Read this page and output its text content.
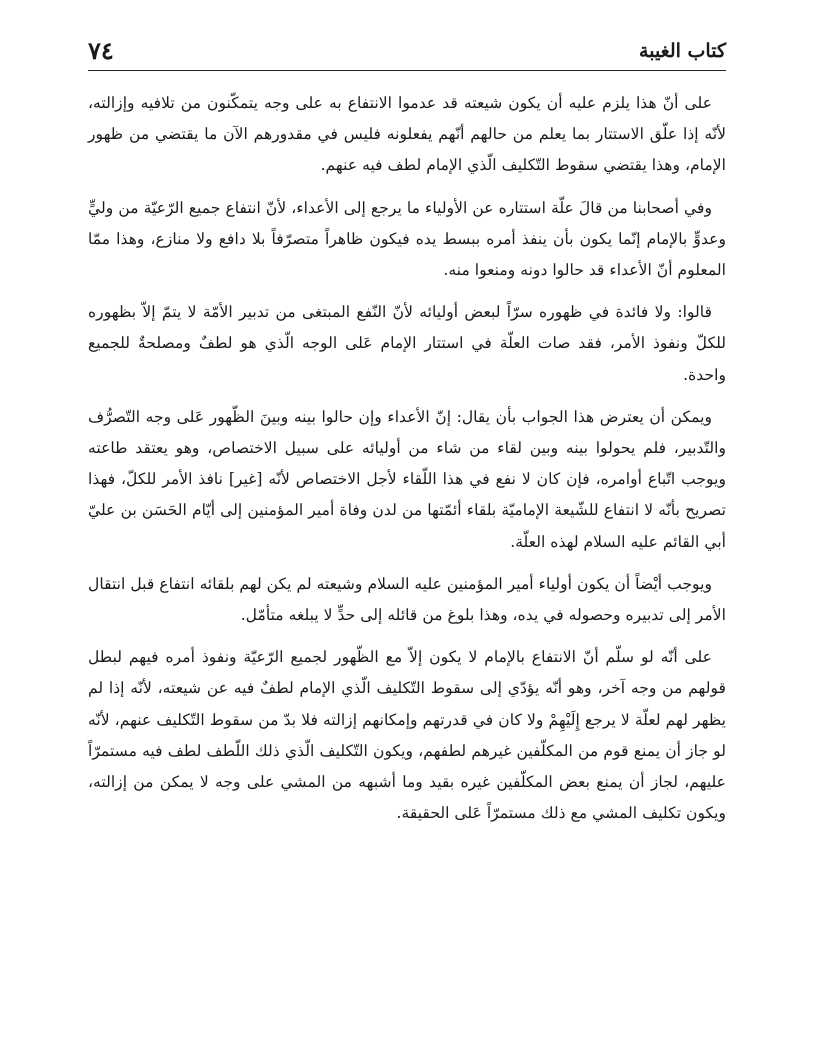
٧٤	كتاب الغيبة

على أنّ هذا يلزم عليه أن يكون شيعته قد عدموا الانتفاع به على وجه يتمكّنون من تلافيه وإزالته، لأنّه إذا علّق الاستتار بما يعلم من حالهم أنّهم يفعلونه فليس في مقدورهم الآن ما يقتضي من ظهور الإمام، وهذا يقتضي سقوط التّكليف الّذي الإمام لطف فيه عنهم.

وفي أصحابنا من قالَ علّة استتاره عن الأولياء ما يرجع إلى الأعداء، لأنّ انتفاع جميع الرّعيّة من وليٍّ وعدوٍّ بالإمام إنّما يكون بأن ينفذ أمره ببسط يده فيكون ظاهراً متصرّفاً بلا دافع ولا منازع، وهذا ممّا المعلوم أنّ الأعداء قد حالوا دونه ومنعوا منه.

قالوا: ولا فائدة في ظهوره سرّاً لبعض أوليائه لأنّ النّفع المبتغى من تدبير الأمّة لا يتمّ إلاّ بظهوره للكلّ ونفوذ الأمر، فقد صات العلّة في استتار الإمام عَلى الوجه الّذي هو لطفٌ ومصلحةٌ للجميع واحدة.

ويمكن أن يعترض هذا الجواب بأن يقال: إنّ الأعداء وإن حالوا بينه وبينَ الظّهور عَلى وجه التّصرُّف والتّدبير، فلم يحولوا بينه وبين لقاء من شاء من أوليائه على سبيل الاختصاص، وهو يعتقد طاعته ويوجب اتّباع أوامره، فإن كان لا نفع في هذا اللّقاء لأجل الاختصاص لأنّه [غير] نافذ الأمر للكلّ، فهذا تصريح بأنّه لا انتفاع للشّيعة الإماميّة بلقاء أئمّتها من لدن وفاة أمير المؤمنين إلى أيّام الحَسَن بن عليّ أبي القائم عليه السلام لهذه العلّة.

ويوجب أيْضاً أن يكون أولياء أمير المؤمنين عليه السلام وشيعته لم يكن لهم بلقائه انتفاع قبل انتقال الأمر إلى تدبيره وحصوله في يده، وهذا بلوغ من قائله إلى حدٍّ لا يبلغه متأمّل.

على أنّه لو سلّم أنّ الانتفاع بالإمام لا يكون إلاّ مع الظّهور لجميع الرّعيّة ونفوذ أمره فيهم لبطل قولهم من وجه آخر، وهو أنّه يؤدّي إلى سقوط التّكليف الّذي الإمام لطفٌ فيه عن شيعته، لأنّه إذا لم يظهر لهم لعلّة لا يرجع إِلَيْهِمْ ولا كان في قدرتهم وإمكانهم إزالته فلا بدّ من سقوط التّكليف عنهم، لأنّه لو جاز أن يمنع قوم من المكلّفين غيرهم لطفهم، ويكون التّكليف الّذي ذلك اللّطف لطف فيه مستمرّاً عليهم، لجاز أن يمنع بعض المكلّفين غيره بقيد وما أشبهه من المشي على وجه لا يمكن من إزالته، ويكون تكليف المشي مع ذلك مستمرّاً عَلى الحقيقة.
